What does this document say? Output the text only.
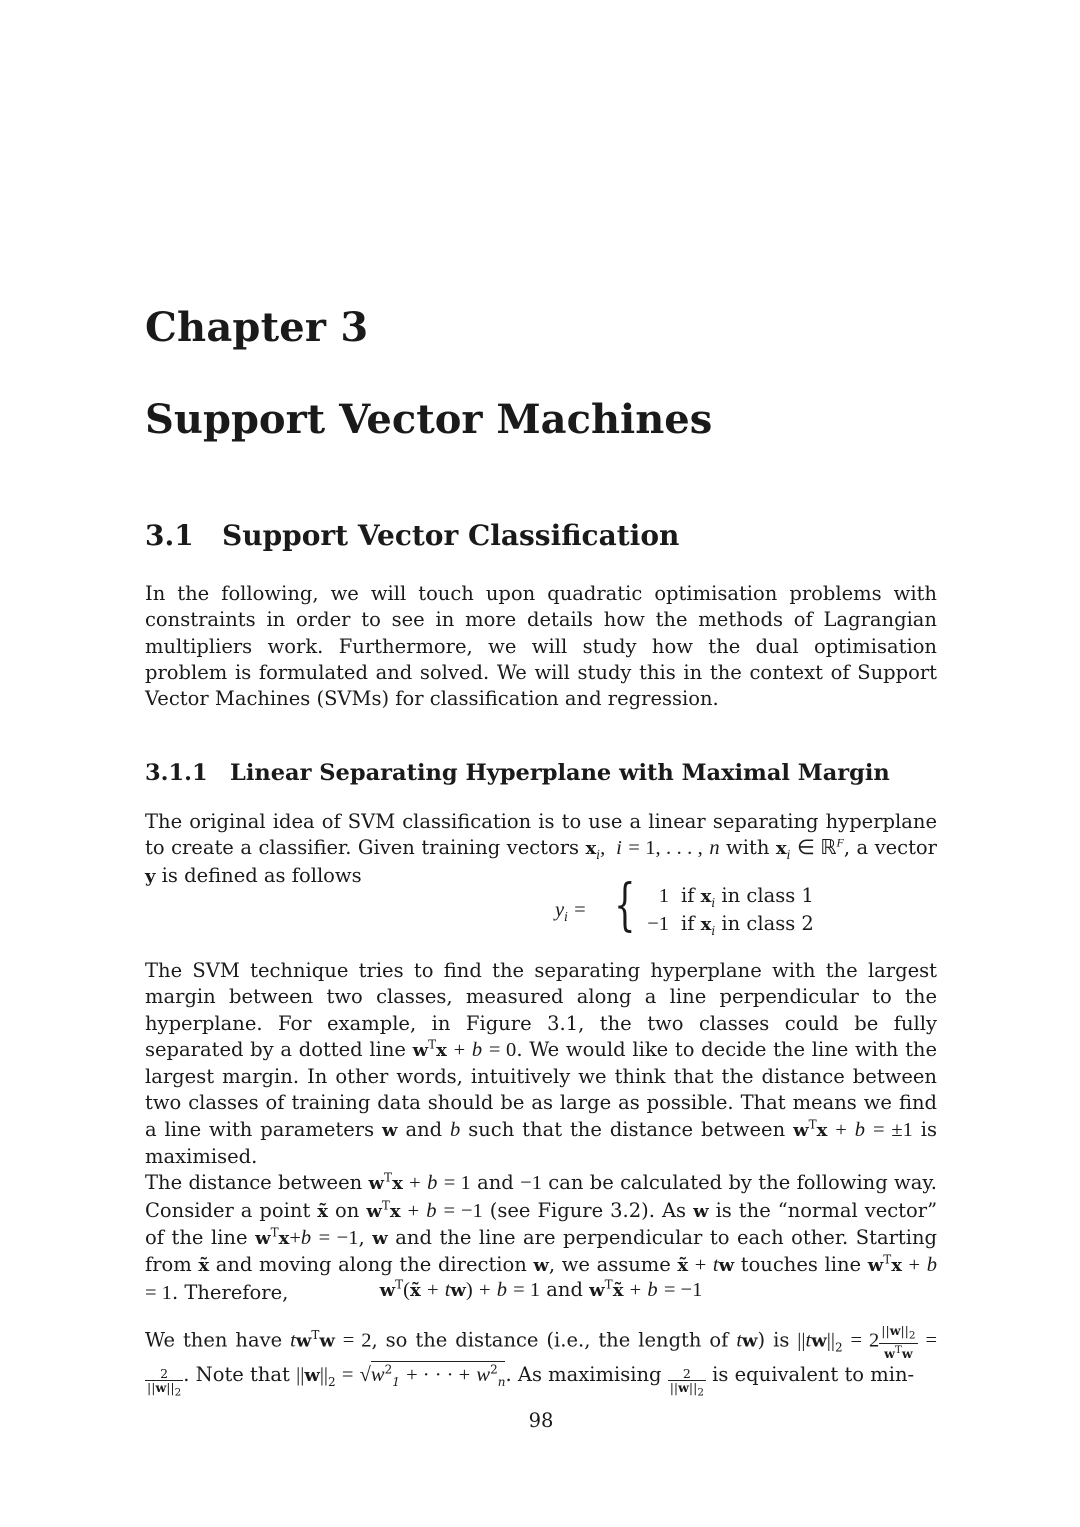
Chapter 3
Support Vector Machines
3.1 Support Vector Classification

In the following, we will touch upon quadratic optimisation problems with constraints in order to see in more details how the methods of Lagrangian multipliers work. Furthermore, we will study how the dual optimisation problem is formulated and solved. We will study this in the context of Support Vector Machines (SVMs) for classification and regression.

3.1.1 Linear Separating Hyperplane with Maximal Margin

The original idea of SVM classification is to use a linear separating hyperplane to create a classifier. Given training vectors $x_i$,  i = 1, . . . , n with $x_i$ ∈ ℝ$^F$, a vector y is defined as follows

$y_i$ = {	1 if $x_i$ in class 1
−1 if $x_i$ in class 2

The SVM technique tries to find the separating hyperplane with the largest margin between two classes, measured along a line perpendicular to the hyperplane. For example, in Figure 3.1, the two classes could be fully separated by a dotted line $w^Tx + b = 0$. We would like to decide the line with the largest margin. In other words, intuitively we think that the distance between two classes of training data should be as large as possible. That means we find a line with parameters w and b such that the distance between $w^Tx + b = \pm 1$ is maximised.
The distance between $w^Tx + b = 1$ and −1 can be calculated by the following way. Consider a point x̃ on $w^Tx + b = -1$ (see Figure 3.2). As w is the “normal vector” of the line $w^Tx+b = -1$, w and the line are perpendicular to each other. Starting from x̃ and moving along the direction w, we assume x̃ + tw touches line $w^Tx + b = 1$. Therefore,	$w^T(x̃ + tw) + b = 1$ and $w^Tx̃ + b = -1$

We then have $tw^Tw = 2$, so the distance (i.e., the length of tw) is $||tw||_2 = 2 \frac{||w||_2}{w^Tw}$ =
$\frac{2}{||w||_2}$ . Note that $||w||_2 = √w^2_1$ + · · · + $w^2_n$. As maximising $\frac{2}{||w||_2}$ is equivalent to min-

98
